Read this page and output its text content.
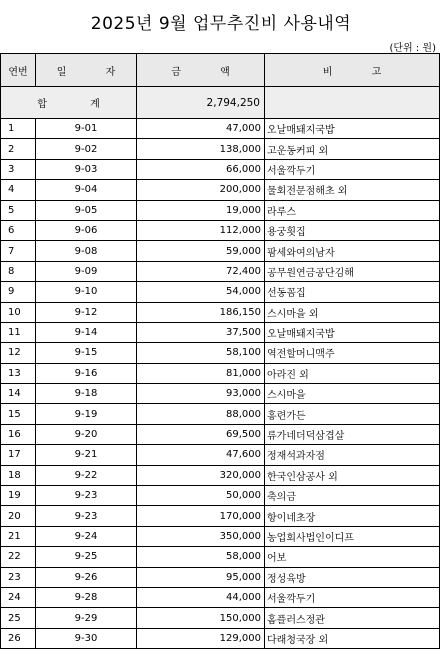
2025년 9월 업무추진비 사용내역
(단위 : 원)
연번	일 자	금 액	비 고
합 계		2,794,250	
1	9-01	47,000	오날매돼지국밥
2	9-02	138,000	고운동커피 외
3	9-03	66,000	서울깍두기
4	9-04	200,000	물회전문점해초 외
5	9-05	19,000	라루스
6	9-06	112,000	용궁횟집
7	9-08	59,000	팜세와여의남자
8	9-09	72,400	공무원연금공단김해
9	9-10	54,000	선동꼼집
10	9-12	186,150	스시마을 외
11	9-14	37,500	오날매돼지국밥
12	9-15	58,100	역전할머니맥주
13	9-16	81,000	아라진 외
14	9-18	93,000	스시마을
15	9-19	88,000	홍련가든
16	9-20	69,500	류가네더덕삼겹살
17	9-21	47,600	정재석과자점
18	9-22	320,000	한국인삼공사 외
19	9-23	50,000	축의금
20	9-23	170,000	항이네초장
21	9-24	350,000	농업회사법인이디프
22	9-25	58,000	어보
23	9-26	95,000	정성육방
24	9-28	44,000	서울깍두기
25	9-29	150,000	홈플러스정관
26	9-30	129,000	다래청국장 외
